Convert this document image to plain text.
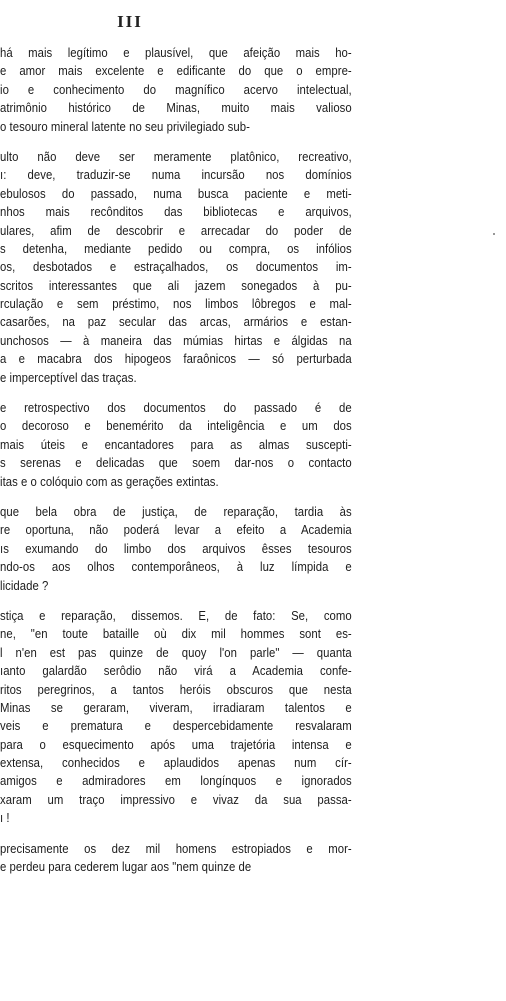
III
há mais legítimo e plausível, que afeição mais ho-
e amor mais excelente e edificante do que o empre-
io e conhecimento do magnífico acervo intelectual,
atrimônio histórico de Minas, muito mais valioso
o tesouro mineral latente no seu privilegiado sub-
ulto não deve ser meramente platônico, recreativo,
ı: deve, traduzir-se numa incursão nos domínios
ebulosos do passado, numa busca paciente e meti-
nhos mais recônditos das bibliotecas e arquivos,
ulares, afim de descobrir e arrecadar do poder de
s detenha, mediante pedido ou compra, os infólios
os, desbotados e estraçalhados, os documentos im-
scritos interessantes que ali jazem sonegados à pu-
rculação e sem préstimo, nos limbos lôbregos e mal-
casarões, na paz secular das arcas, armários e estan-
unchosos — à maneira das múmias hirtas e álgidas na
a e macabra dos hipogeos faraônicos — só perturbada
e imperceptível das traças.
e retrospectivo dos documentos do passado é de
o decoroso e benemérito da inteligência e um dos
mais úteis e encantadores para as almas suscepti-
s serenas e delicadas que soem dar-nos o contacto
itas e o colóquio com as gerações extintas.
que bela obra de justiça, de reparação, tardia às
re oportuna, não poderá levar a efeito a Academia
ıs exumando do limbo dos arquivos êsses tesouros
ndo-os aos olhos contemporâneos, à luz límpida e
licidade ?
stiça e reparação, dissemos. E, de fato: Se, como
ne, "en toute bataille où dix mil hommes sont es-
l n'en est pas quinze de quoy l'on parle" — quanta
ıanto galardão serôdio não virá a Academia confe-
ritos peregrinos, a tantos heróis obscuros que nesta
Minas se geraram, viveram, irradiaram talentos e
veis e prematura e despercebidamente resvalaram
para o esquecimento após uma trajetória intensa e
extensa, conhecidos e aplaudidos apenas num cír-
amigos e admiradores em longínquos e ignorados
xaram um traço impressivo e vivaz da sua passa-
ı !
precisamente os dez mil homens estropiados e mor-
e perdeu para cederem lugar aos "nem quinze de
